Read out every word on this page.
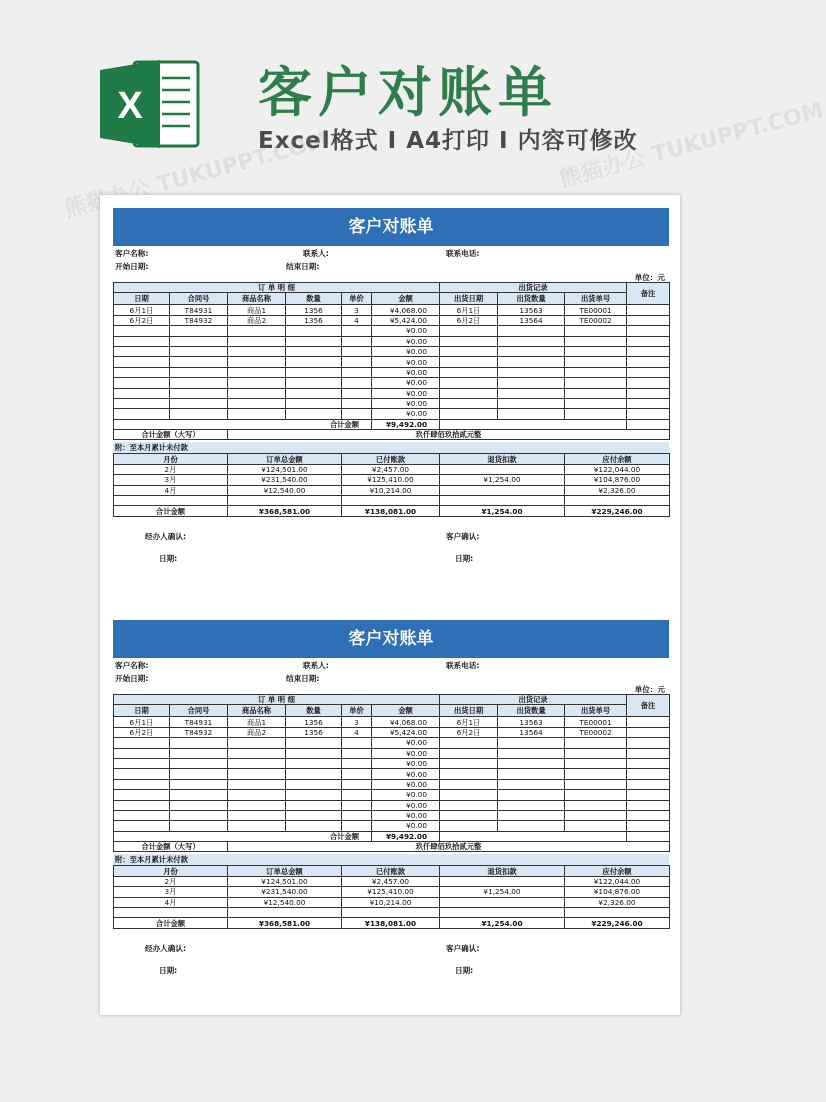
X 客户对账单
Excel格式 I A4打印 I 内容可修改
熊猫办公 TUKUPPT.COM
熊猫办公 TUKUPPT.COM
客户对账单
客户名称:	联系人:	联系电话:
开始日期:	结束日期:
单位：元
订 单 明 细						出货记录			备注
日期	合同号	商品名称	数量	单价	金额	出货日期	出货数量	出货单号	
6月1日	T84931	商品1	1356	3	¥4,068.00	6月1日	13563	TE00001	
6月2日	T84932	商品2	1356	4	¥5,424.00	6月2日	13564	TE00002	
					¥0.00				
					¥0.00				
					¥0.00				
					¥0.00				
					¥0.00				
					¥0.00				
					¥0.00				
					¥0.00				
					¥0.00				
合计金额					¥9,492.00				
合计金额（大写）		玖仟肆佰玖拾贰元整							
附：至本月累计未付款
月份	订单总金额	已付账款	退货扣款	应付余额
2月	¥124,501.00	¥2,457.00		¥122,044.00
3月	¥231,540.00	¥125,410.00	¥1,254.00	¥104,876.00
4月	¥12,540.00	¥10,214.00		¥2,326.00

合计金额	¥368,581.00	¥138,081.00	¥1,254.00	¥229,246.00
经办人确认:	客户确认:
日期:	日期:
客户对账单
客户名称:	联系人:	联系电话:
开始日期:	结束日期:
单位：元
订 单 明 细						出货记录			备注
日期	合同号	商品名称	数量	单价	金额	出货日期	出货数量	出货单号	
6月1日	T84931	商品1	1356	3	¥4,068.00	6月1日	13563	TE00001	
6月2日	T84932	商品2	1356	4	¥5,424.00	6月2日	13564	TE00002	
					¥0.00				
					¥0.00				
					¥0.00				
					¥0.00				
					¥0.00				
					¥0.00				
					¥0.00				
					¥0.00				
					¥0.00				
合计金额					¥9,492.00				
合计金额（大写）		玖仟肆佰玖拾贰元整							
附：至本月累计未付款
月份	订单总金额	已付账款	退货扣款	应付余额
2月	¥124,501.00	¥2,457.00		¥122,044.00
3月	¥231,540.00	¥125,410.00	¥1,254.00	¥104,876.00
4月	¥12,540.00	¥10,214.00		¥2,326.00

合计金额	¥368,581.00	¥138,081.00	¥1,254.00	¥229,246.00
经办人确认:	客户确认:
日期:	日期:
